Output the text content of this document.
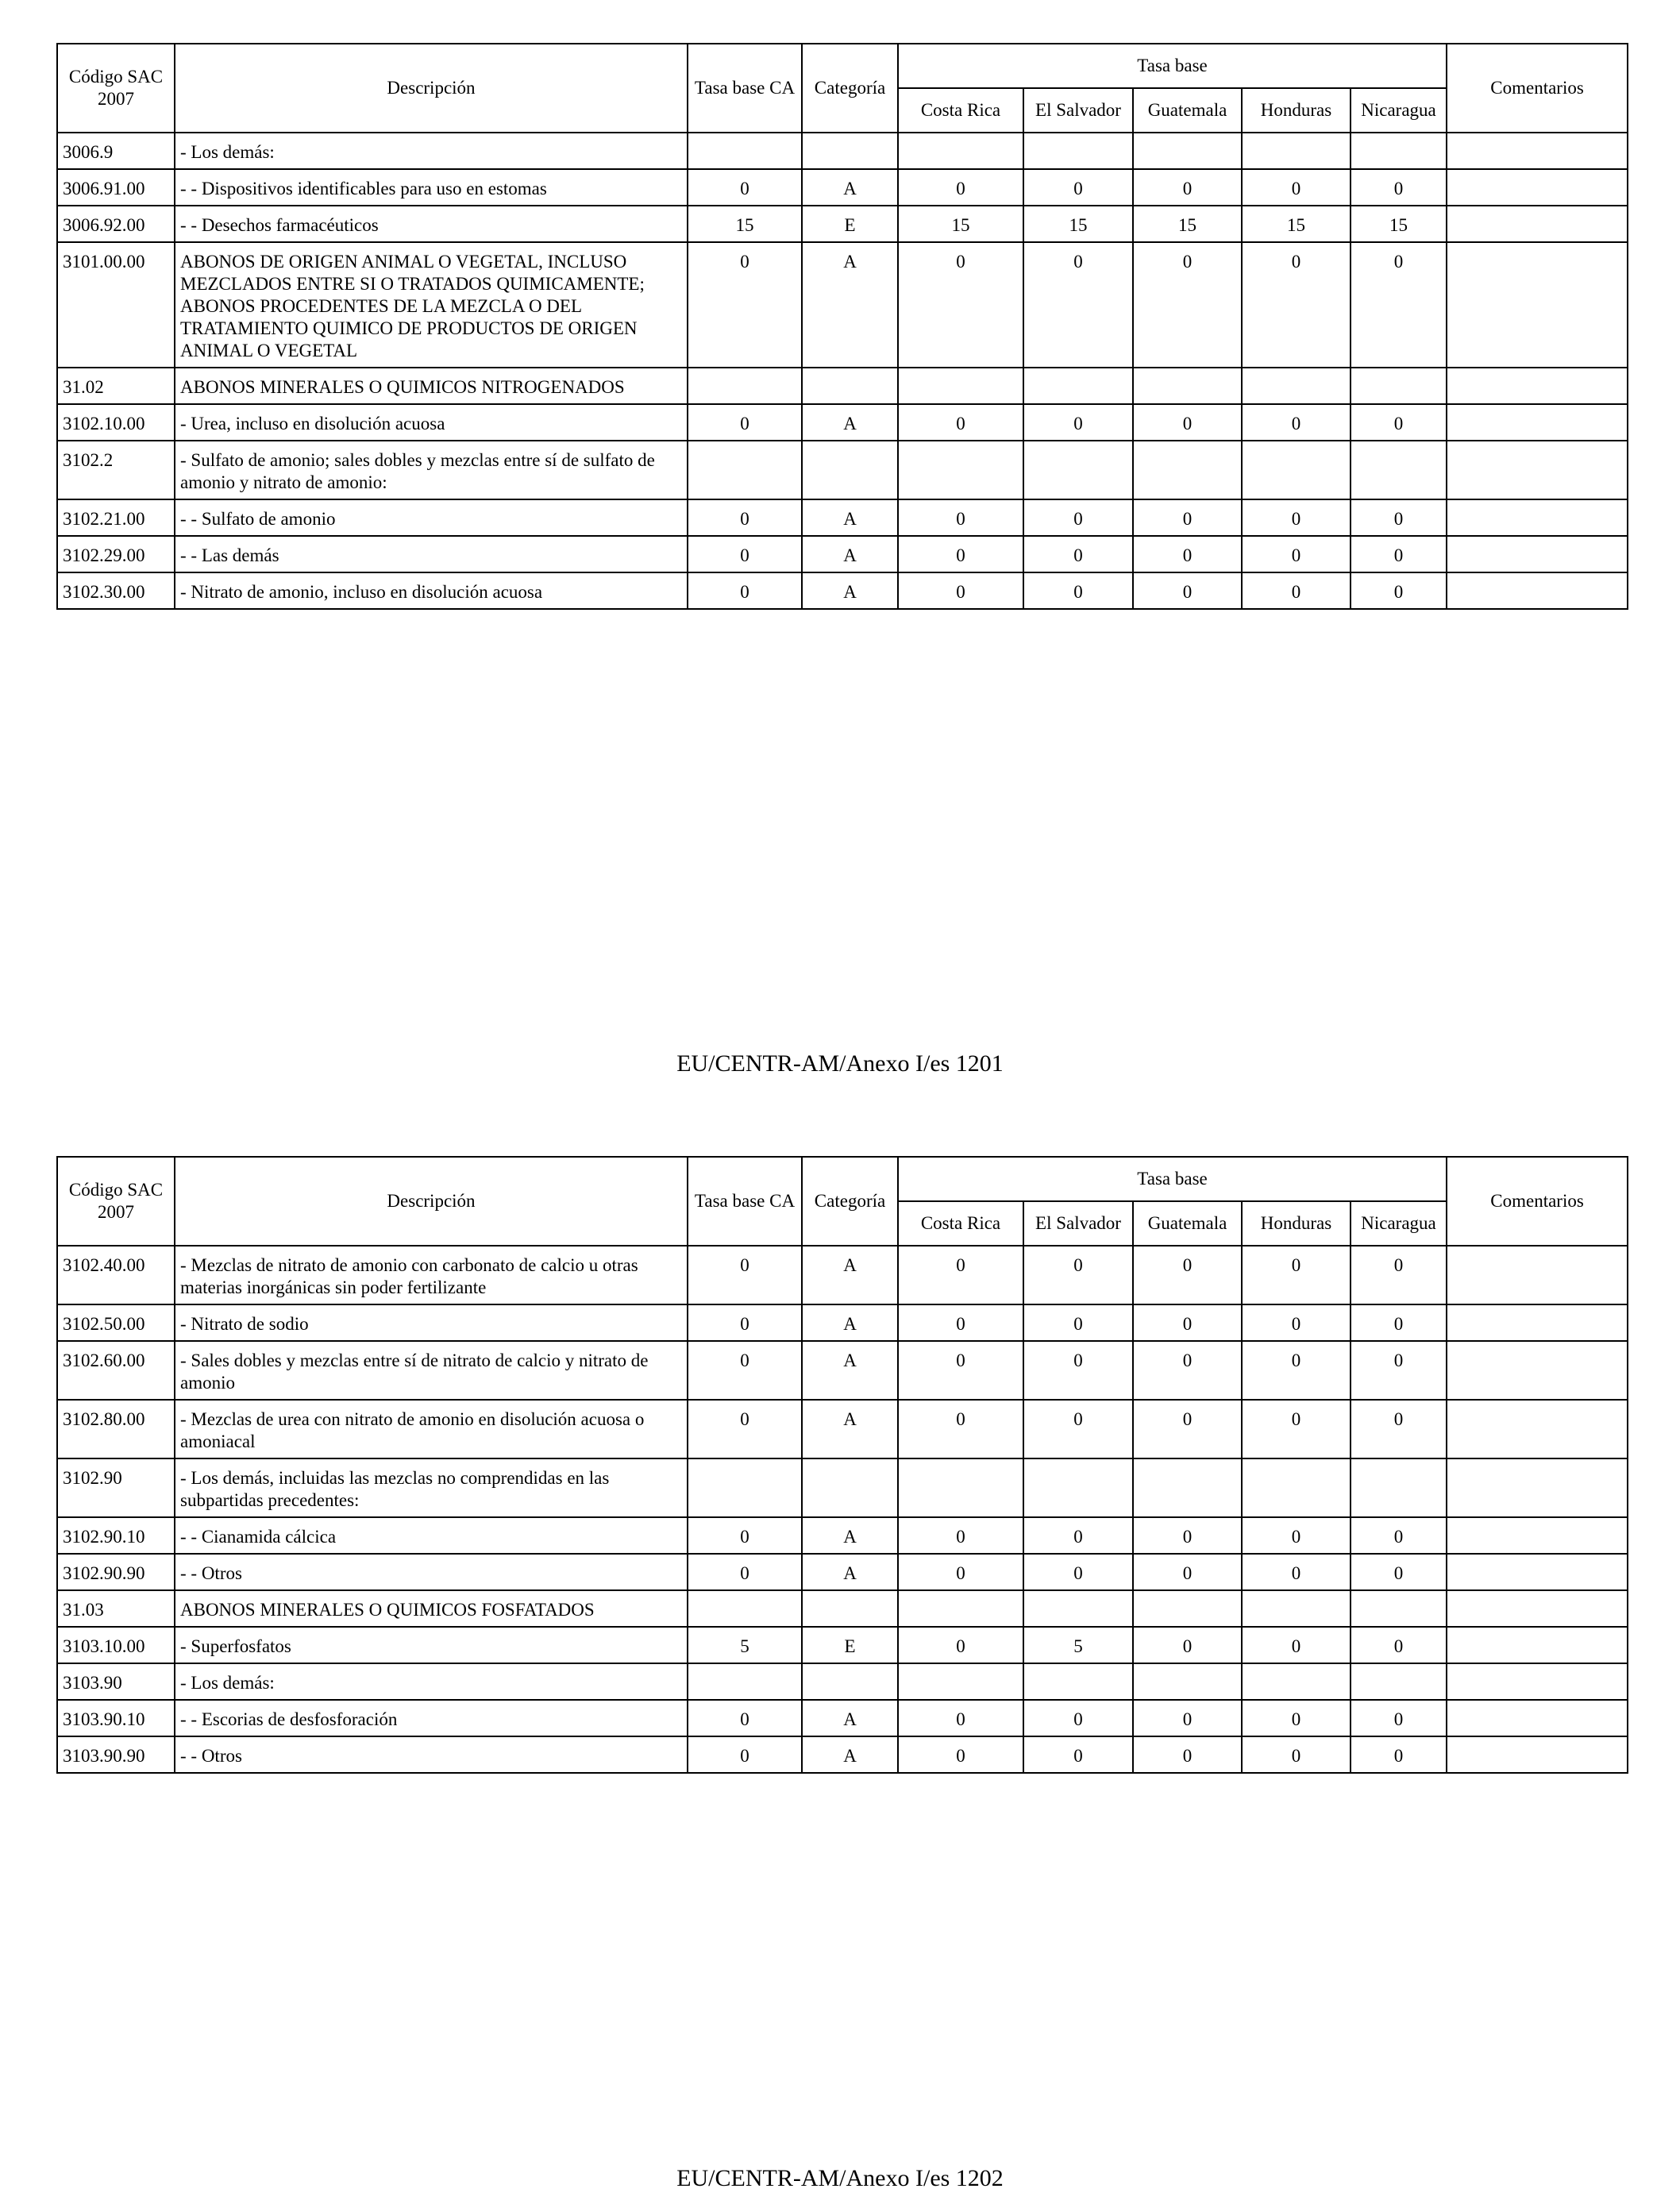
Código SAC 2007	Descripción	Tasa base CA	Categoría	Tasa base					Comentarios
				Costa Rica	El Salvador	Guatemala	Honduras	Nicaragua	
3006.9	- Los demás:								
3006.91.00	- - Dispositivos identificables para uso en estomas	0	A	0	0	0	0	0	
3006.92.00	- - Desechos farmacéuticos	15	E	15	15	15	15	15	
3101.00.00	ABONOS DE ORIGEN ANIMAL O VEGETAL, INCLUSO MEZCLADOS ENTRE SI O TRATADOS QUIMICAMENTE; ABONOS PROCEDENTES DE LA MEZCLA O DEL TRATAMIENTO QUIMICO DE PRODUCTOS DE ORIGEN ANIMAL O VEGETAL	0	A	0	0	0	0	0	
31.02	ABONOS MINERALES O QUIMICOS NITROGENADOS								
3102.10.00	- Urea, incluso en disolución acuosa	0	A	0	0	0	0	0	
3102.2	- Sulfato de amonio; sales dobles y mezclas entre sí de sulfato de amonio y nitrato de amonio:								
3102.21.00	- - Sulfato de amonio	0	A	0	0	0	0	0	
3102.29.00	- - Las demás	0	A	0	0	0	0	0	
3102.30.00	- Nitrato de amonio, incluso en disolución acuosa	0	A	0	0	0	0	0	
EU/CENTR-AM/Anexo I/es 1201
Código SAC 2007	Descripción	Tasa base CA	Categoría	Tasa base					Comentarios
				Costa Rica	El Salvador	Guatemala	Honduras	Nicaragua	
3102.40.00	- Mezclas de nitrato de amonio con carbonato de calcio u otras materias inorgánicas sin poder fertilizante	0	A	0	0	0	0	0	
3102.50.00	- Nitrato de sodio	0	A	0	0	0	0	0	
3102.60.00	- Sales dobles y mezclas entre sí de nitrato de calcio y nitrato de amonio	0	A	0	0	0	0	0	
3102.80.00	- Mezclas de urea con nitrato de amonio en disolución acuosa o amoniacal	0	A	0	0	0	0	0	
3102.90	- Los demás, incluidas las mezclas no comprendidas en las subpartidas precedentes:								
3102.90.10	- - Cianamida cálcica	0	A	0	0	0	0	0	
3102.90.90	- - Otros	0	A	0	0	0	0	0	
31.03	ABONOS MINERALES O QUIMICOS FOSFATADOS								
3103.10.00	- Superfosfatos	5	E	0	5	0	0	0	
3103.90	- Los demás:								
3103.90.10	- - Escorias de desfosforación	0	A	0	0	0	0	0	
3103.90.90	- - Otros	0	A	0	0	0	0	0	
EU/CENTR-AM/Anexo I/es 1202
